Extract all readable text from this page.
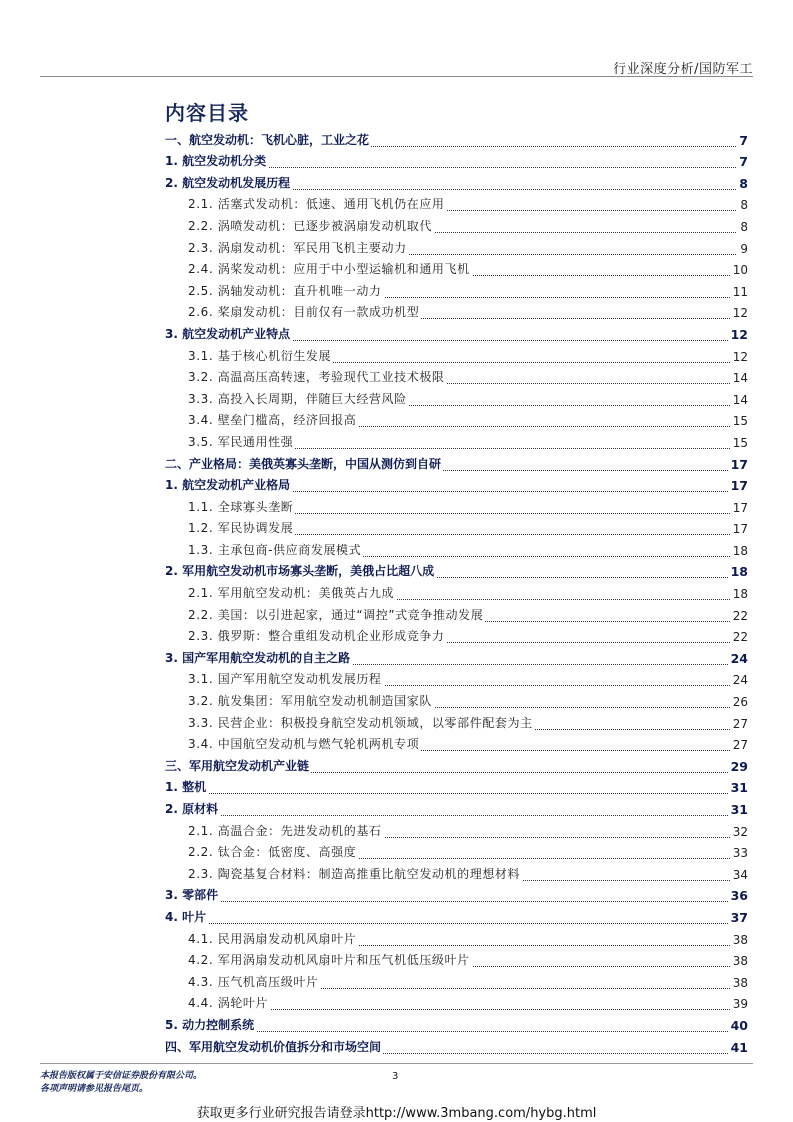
行业深度分析/国防军工
内容目录
一、航空发动机：飞机心脏，工业之花	7
1. 航空发动机分类	7
2. 航空发动机发展历程	8
2.1. 活塞式发动机：低速、通用飞机仍在应用	8
2.2. 涡喷发动机：已逐步被涡扇发动机取代	8
2.3. 涡扇发动机：军民用飞机主要动力	9
2.4. 涡桨发动机：应用于中小型运输机和通用飞机	10
2.5. 涡轴发动机：直升机唯一动力	11
2.6. 桨扇发动机：目前仅有一款成功机型	12
3. 航空发动机产业特点	12
3.1. 基于核心机衍生发展	12
3.2. 高温高压高转速，考验现代工业技术极限	14
3.3. 高投入长周期，伴随巨大经营风险	14
3.4. 壁垒门槛高，经济回报高	15
3.5. 军民通用性强	15
二、产业格局：美俄英寡头垄断，中国从测仿到自研	17
1. 航空发动机产业格局	17
1.1. 全球寡头垄断	17
1.2. 军民协调发展	17
1.3. 主承包商-供应商发展模式	18
2. 军用航空发动机市场寡头垄断，美俄占比超八成	18
2.1. 军用航空发动机：美俄英占九成	18
2.2. 美国：以引进起家，通过“调控”式竞争推动发展	22
2.3. 俄罗斯：整合重组发动机企业形成竞争力	22
3. 国产军用航空发动机的自主之路	24
3.1. 国产军用航空发动机发展历程	24
3.2. 航发集团：军用航空发动机制造国家队	26
3.3. 民营企业：积极投身航空发动机领域，以零部件配套为主	27
3.4. 中国航空发动机与燃气轮机两机专项	27
三、军用航空发动机产业链	29
1. 整机	31
2. 原材料	31
2.1. 高温合金：先进发动机的基石	32
2.2. 钛合金：低密度、高强度	33
2.3. 陶瓷基复合材料：制造高推重比航空发动机的理想材料	34
3. 零部件	36
4. 叶片	37
4.1. 民用涡扇发动机风扇叶片	38
4.2. 军用涡扇发动机风扇叶片和压气机低压级叶片	38
4.3. 压气机高压级叶片	38
4.4. 涡轮叶片	39
5. 动力控制系统	40
四、军用航空发动机价值拆分和市场空间	41
本报告版权属于安信证券股份有限公司。
各项声明请参见报告尾页。
3
获取更多行业研究报告请登录http://www.3mbang.com/hybg.html
